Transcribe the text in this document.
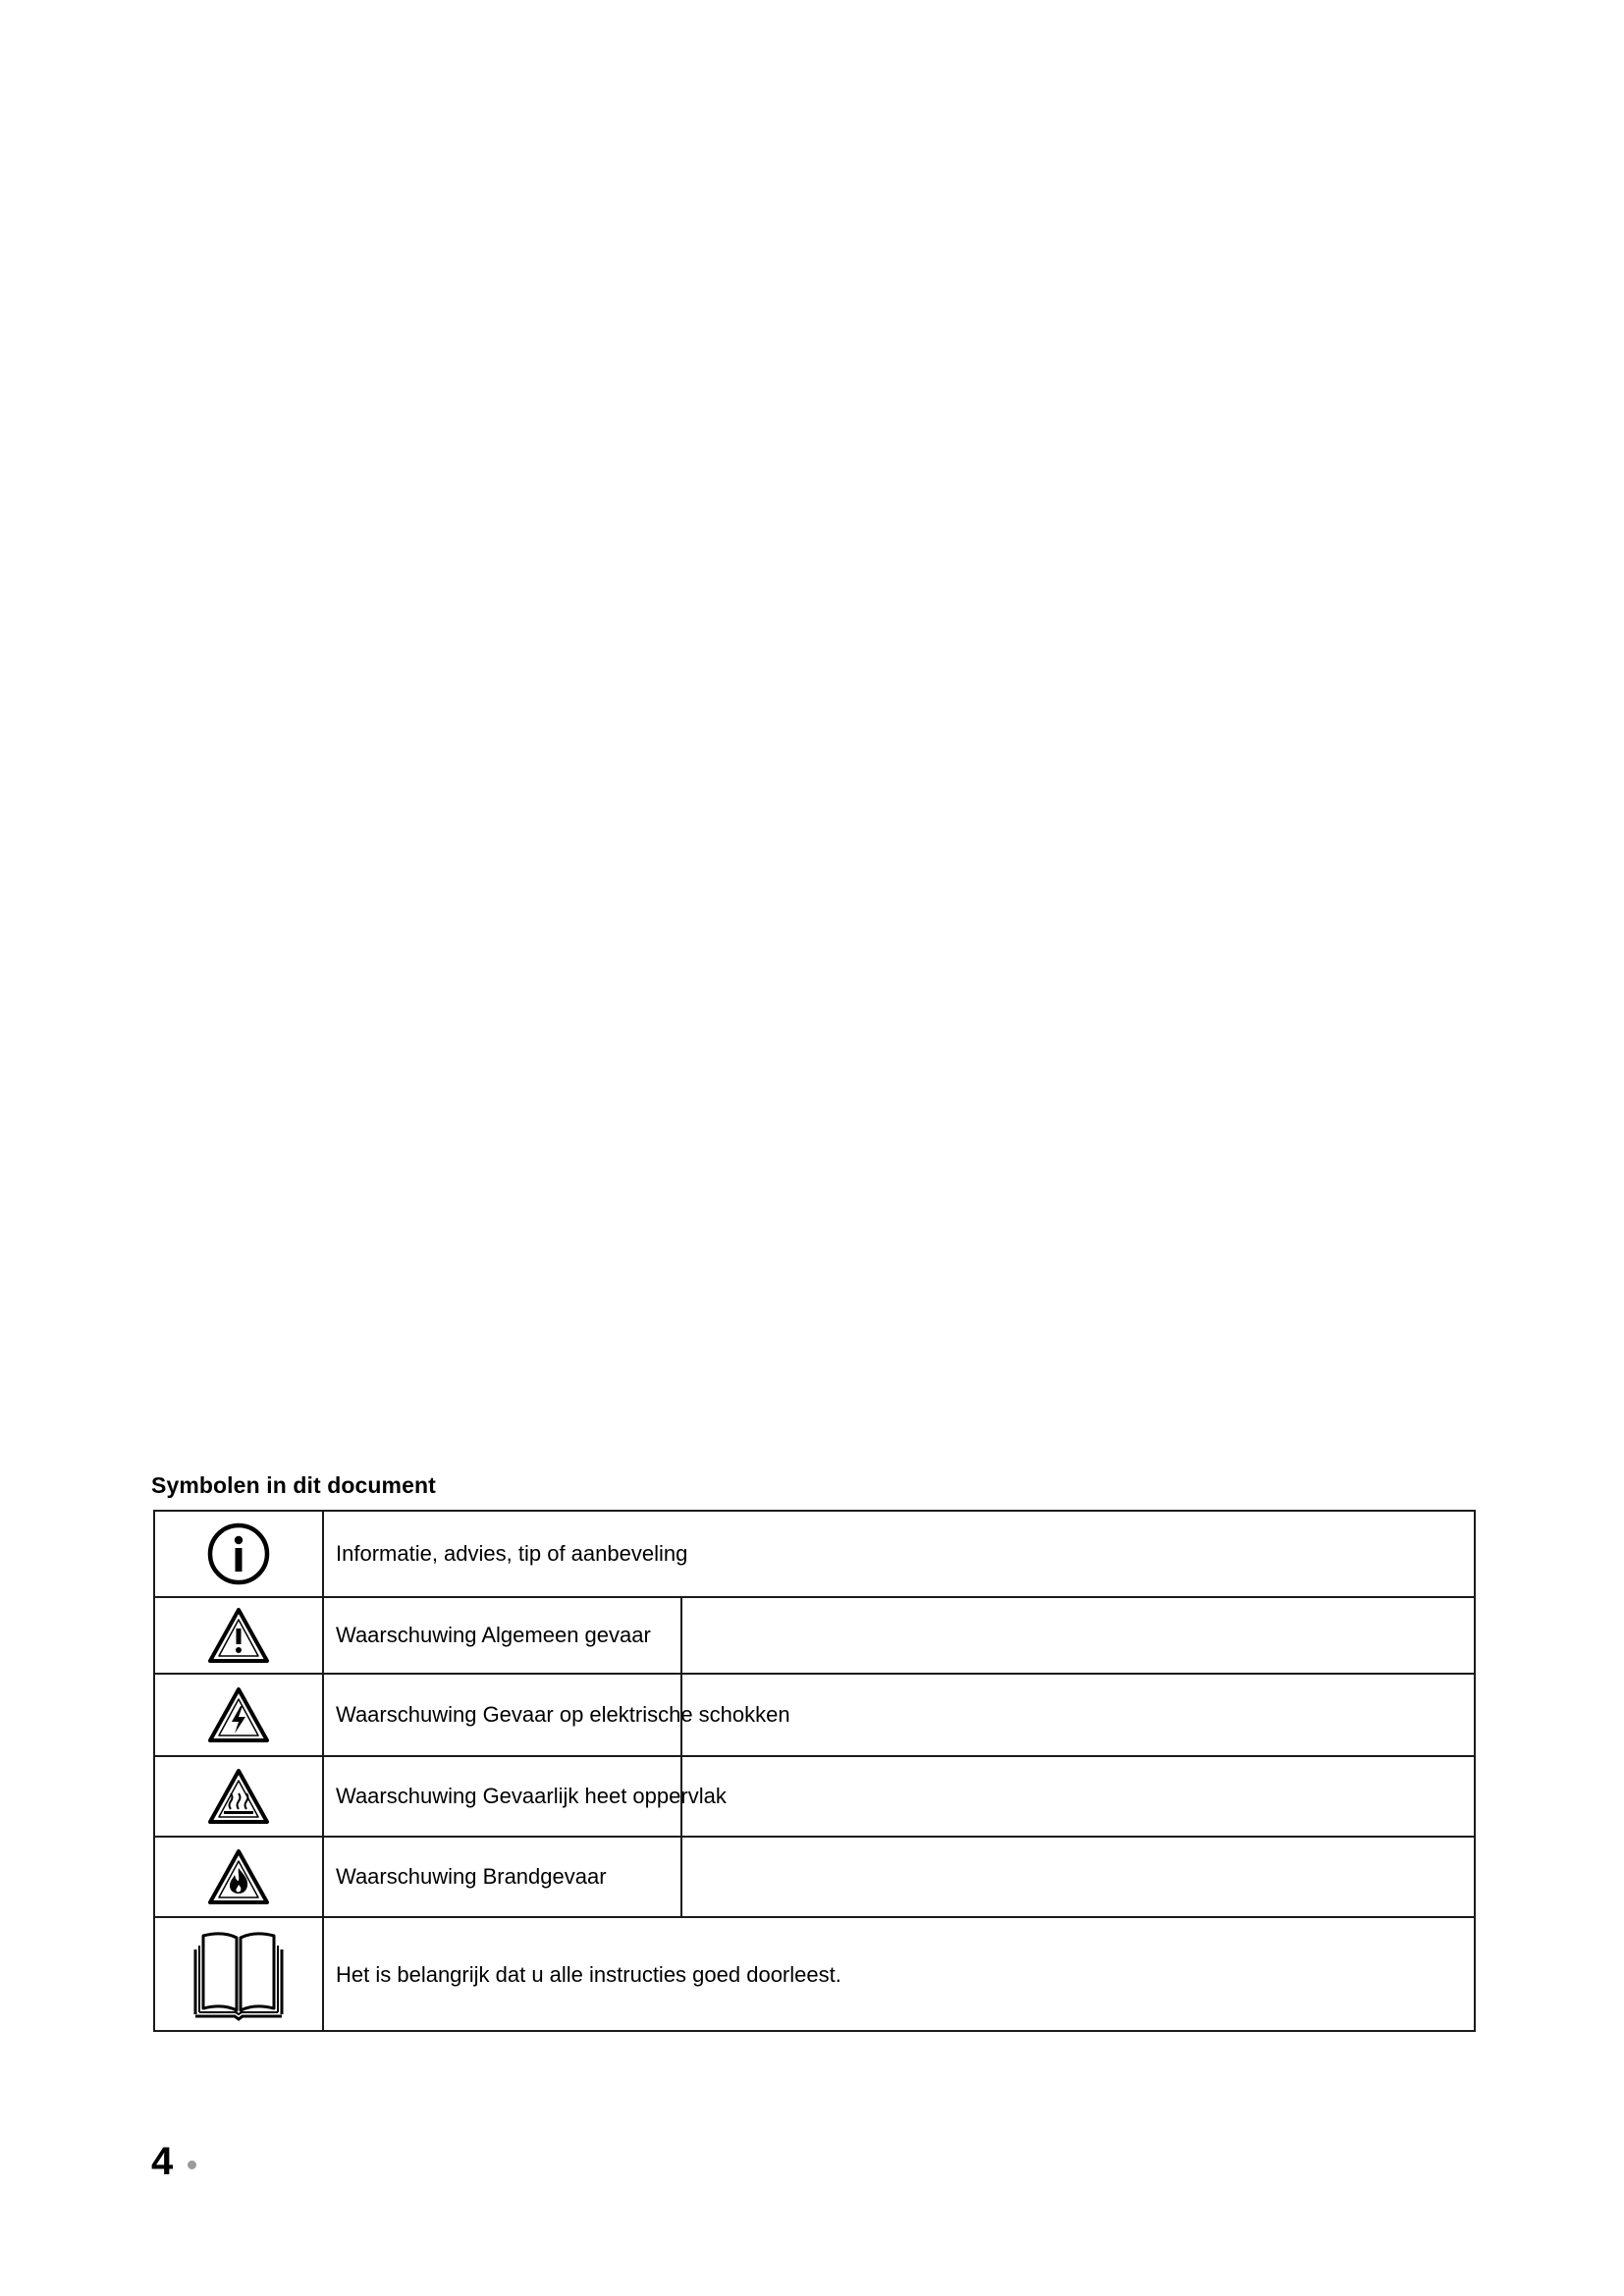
Symbolen in dit document
Informatie, advies, tip of aanbeveling
Waarschuwing Algemeen gevaar
Waarschuwing Gevaar op elektrische schokken
Waarschuwing Gevaarlijk heet oppervlak
Waarschuwing Brandgevaar
Het is belangrijk dat u alle instructies goed doorleest.
4
